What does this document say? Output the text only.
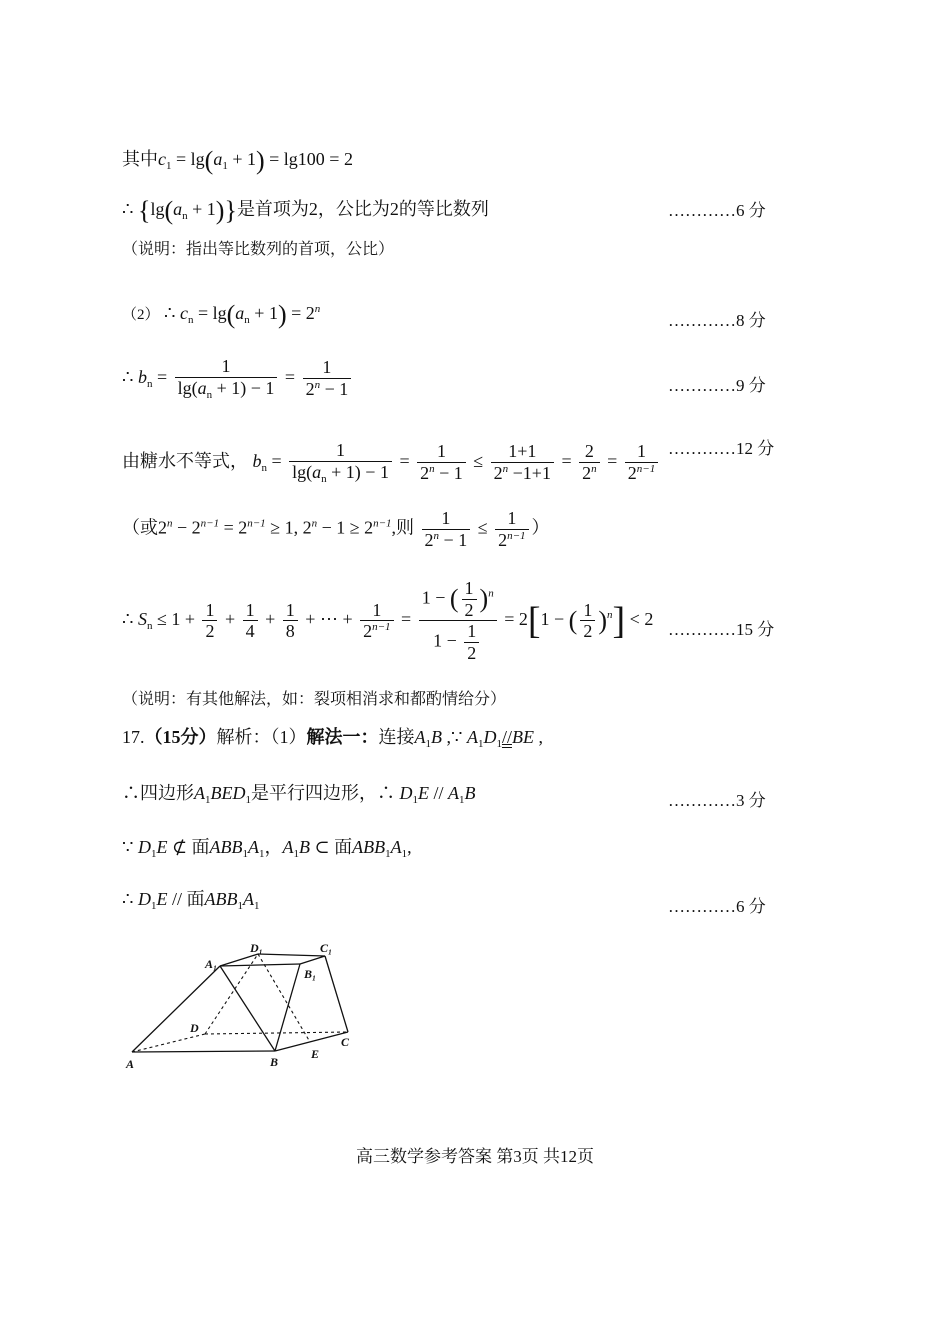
其中$c_1 = \lg(a_1 + 1) = \lg 100 = 2$
∴ $\{\lg(a_n + 1)\}$是首项为2，公比为2的等比数列	…………6 分
（说明：指出等比数列的首项，公比）
（2） ∴ $c_n = \lg(a_n + 1) = 2^n$
…………8 分
∴ $b_n = \frac{1}{\lg(a_n + 1) - 1} = \frac{1}{2^n - 1}$	…………9 分
由糖水不等式， $b_n = \frac{1}{\lg(a_n + 1) - 1} = \frac{1}{2^n - 1} \le \frac{1+1}{2^n -1+1} = \frac{2}{2^n} = \frac{1}{2^{n-1}}$ …………12 分
（或$2^n - 2^{n-1} = 2^{n-1} \ge 1$, $2^n - 1 \ge 2^{n-1}$,则 $\frac{1}{2^n - 1} \le \frac{1}{2^{n-1}}$ ）
∴ $S_n \le 1 + \frac{1}{2} + \frac{1}{4} + \frac{1}{8}$ + ⋯ + $\frac{1}{2^{n-1}} = \frac{1 - ( \frac{1}{2} )^n}{1 - \frac{1}{2}} = 2[1$ − ( $\frac{1}{2} )^n] < 2$
…………15 分
（说明：有其他解法，如：裂项相消求和都酌情给分）
17.（15分）解析：（1）解法一：连接$A_1B$ ,∵ $A_1D_1//BE$ ,
∴四边形$A_1BED_1$是平行四边形，∴ $D_1E // A_1B$	…………3 分
∵ $D_1E$ ⊄ 面$ABB_1A_1$，$A_1B$ ⊂ 面$ABB_1A_1$,
∴ $D_1E$ // 面$ABB_1A_1$	…………6 分
A₁
D₁	C₁
B₁
D
A	B
E
C
高三数学参考答案 第3页 共12页
